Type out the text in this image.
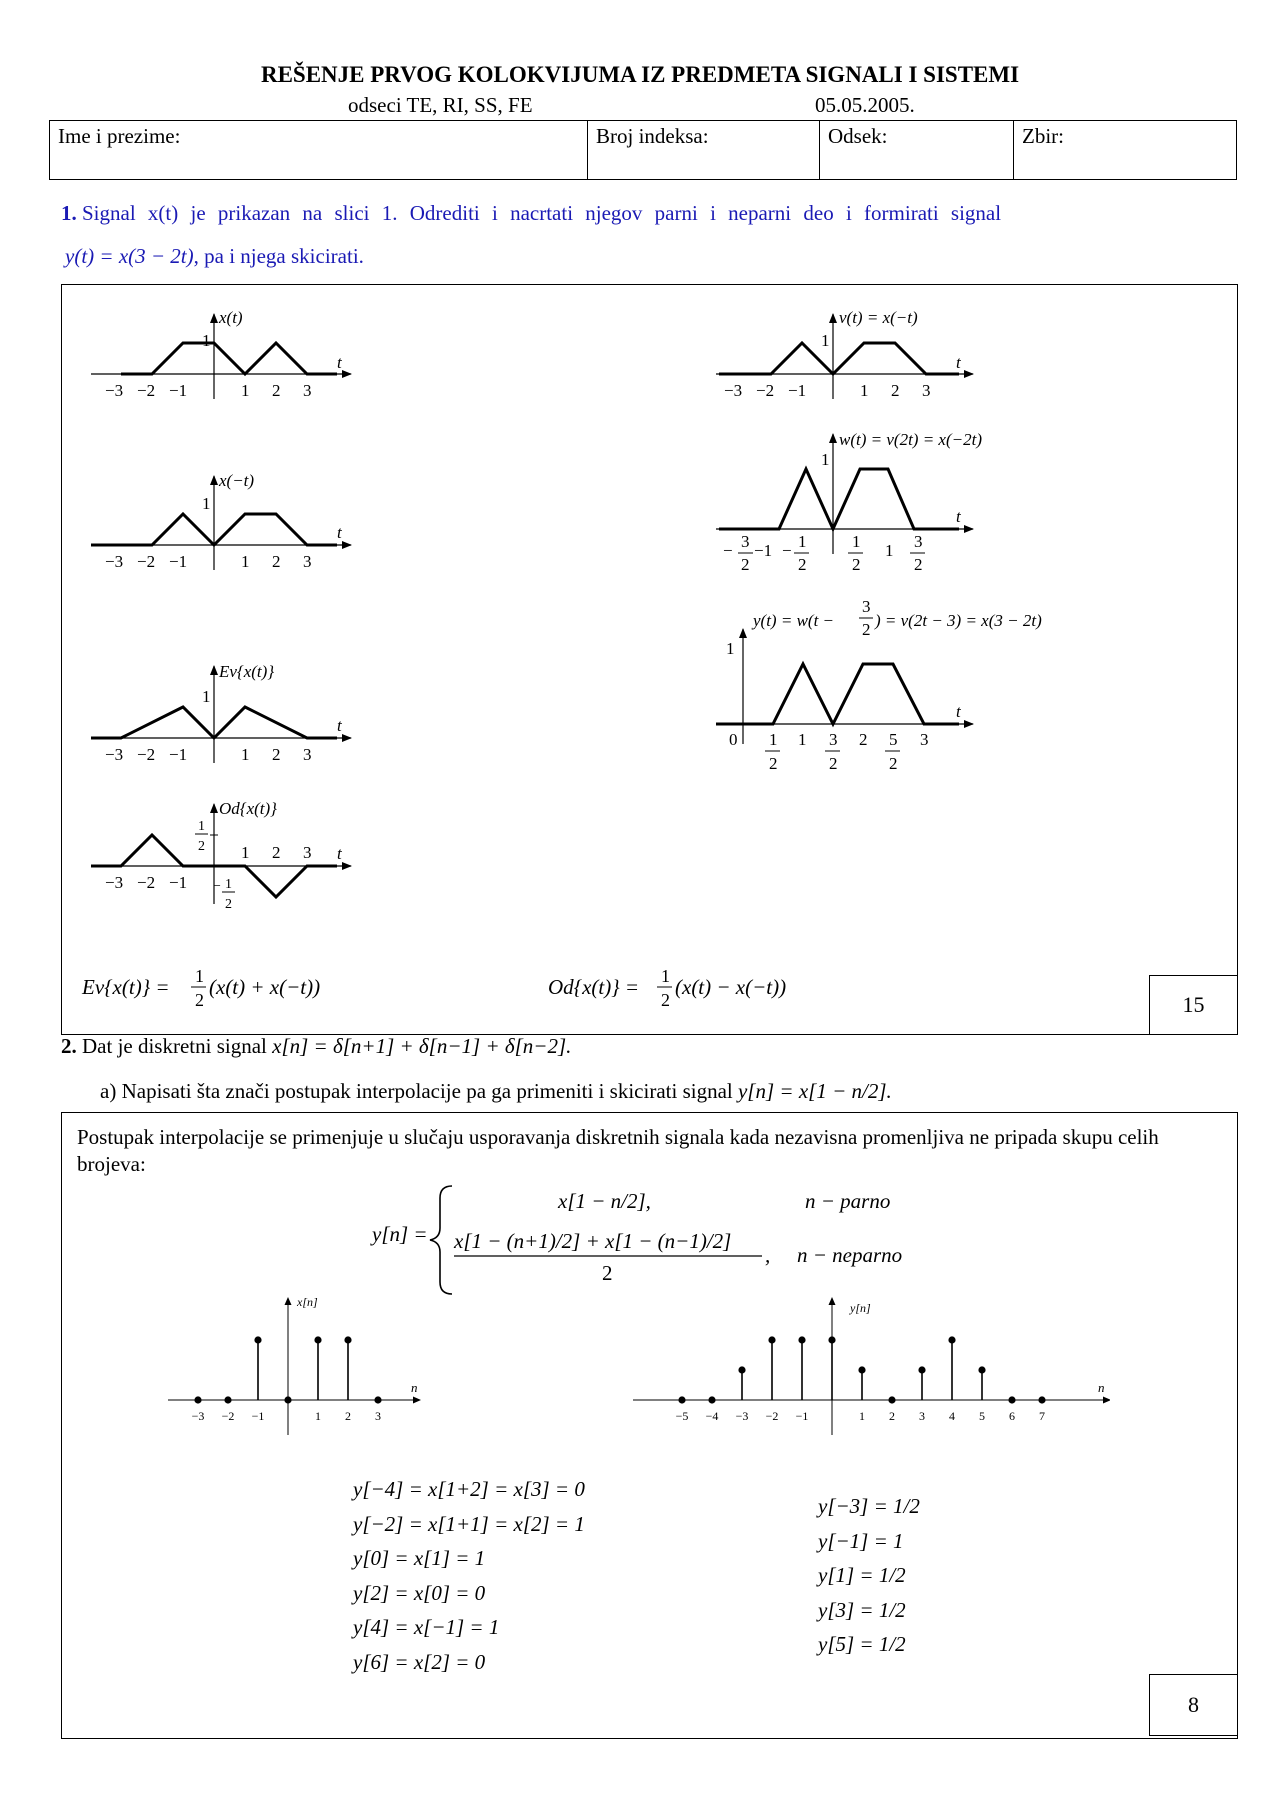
REŠENJE PRVOG KOLOKVIJUMA IZ PREDMETA SIGNALI I SISTEMI
odseci TE, RI, SS, FE	05.05.2005.
Ime i prezime:	Broj indeksa:	Odsek:	Zbir:
1. Signal x(t) je prikazan na slici 1. Odrediti i nacrtati njegov parni i neparni deo i formirati signal
y(t) = x(3 − 2t), pa i njega skicirati.
x(t)
1
t
−3 −2 −1	1 2 3
x(−t)
1
t
−3 −2 −1	1 2 3
Ev{x(t)}
1
t
−3 −2 −1	1 2 3
Od{x(t)}
1
2
− 1
2
1 2 3 t
−3 −2 −1
v(t) = x(−t)
1
t
−3 −2 −1	1 2 3
w(t) = v(2t) = x(−2t)
1
t
− 3
2
−1 − 1
2
1
2
1 3
2
y(t) = w(t −
3
2 ) = v(2t − 3) = x(3 − 2t)
1
t
0 1
2
1 3
2
2 5
2
3
Ev{x(t)} = 1
2
(x(t) + x(−t))	Od{x(t)} = 1
2
(x(t) − x(−t))
15
2. Dat je diskretni signal x[n] = δ[n+1] + δ[n−1] + δ[n−2].
a) Napisati šta znači postupak interpolacije pa ga primeniti i skicirati signal y[n] = x[1 − n/2].
Postupak interpolacije se primenjuje u slučaju usporavanja diskretnih signala kada nezavisna promenljiva ne pripada skupu celih brojeva:
y[n] =
x[1 − n/2],	n − parno
x[1 − (n+1)/2] + x[1 − (n−1)/2]
2
, n − neparno
x[n]
n
−3 −2 −1	1 2 3
y[n]
n
−5 −4 −3 −2 −1	1 2 3 4 5 6 7
y[−4] = x[1+2] = x[3] = 0
y[−2] = x[1+1] = x[2] = 1
y[0] = x[1] = 1
y[2] = x[0] = 0
y[4] = x[−1] = 1
y[6] = x[2] = 0
y[−3] = 1/2
y[−1] = 1
y[1] = 1/2
y[3] = 1/2
y[5] = 1/2
8
